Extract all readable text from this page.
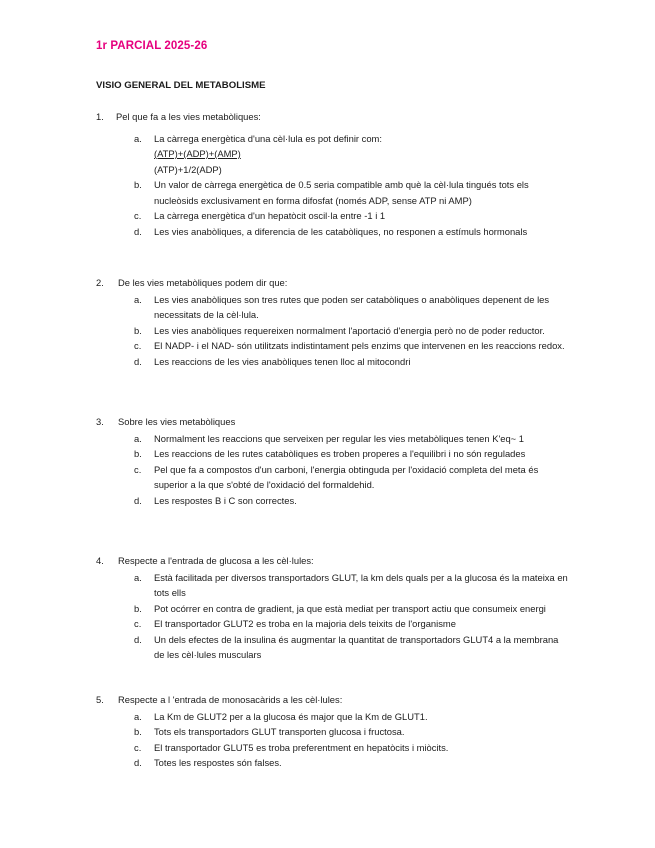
1r PARCIAL 2025-26
VISIO GENERAL DEL METABOLISME
1.	Pel que fa a les vies metabòliques:
a.	La càrrega energètica d'una cèl·lula es pot definir com:
(ATP)+(ADP)+(AMP)
(ATP)+1/2(ADP)
b.	Un valor de càrrega energètica de 0.5 seria compatible amb què la cèl·lula tingués tots els nucleòsids exclusivament en forma difosfat (només ADP, sense ATP ni AMP)
c.	La càrrega energètica d'un hepatòcit oscil·la entre -1 i 1
d.	Les vies anabòliques, a diferencia de les catabòliques, no responen a estímuls hormonals
2.	De les vies metabòliques podem dir que:
a.	Les vies anabòliques son tres rutes que poden ser catabòliques o anabòliques depenent de les necessitats de la cèl·lula.
b.	Les vies anabòliques requereixen normalment l'aportació d'energia però no de poder reductor.
c.	El NADP- i el NAD- són utilitzats indistintament pels enzims que intervenen en les reaccions redox.
d.	Les reaccions de les vies anabòliques tenen lloc al mitocondri
3.	Sobre les vies metabòliques
a.	Normalment les reaccions que serveixen per regular les vies metabòliques tenen K'eq~ 1
b.	Les reaccions de les rutes catabòliques es troben properes a l'equilibri i no són regulades
c.	Pel que fa a compostos d'un carboni, l'energia obtinguda per l'oxidació completa del meta és superior a la que s'obté de l'oxidació del formaldehid.
d.	Les respostes B i C son correctes.
4.	Respecte a l'entrada de glucosa a les cèl·lules:
a.	Està facilitada per diversos transportadors GLUT, la km dels quals per a la glucosa és la mateixa en tots ells
b.	Pot ocórrer en contra de gradient, ja que està mediat per transport actiu que consumeix energi
c.	El transportador GLUT2 es troba en la majoria dels teixits de l'organisme
d.	Un dels efectes de la insulina és augmentar la quantitat de transportadors GLUT4 a la membrana de les cèl·lules musculars
5.	Respecte a l 'entrada de monosacàrids a les cèl·lules:
a.	La Km de GLUT2 per a la glucosa és major que la Km de GLUT1.
b.	Tots els transportadors GLUT transporten glucosa i fructosa.
c.	El transportador GLUT5 es troba preferentment en hepatòcits i miòcits.
d.	Totes les respostes són falses.
